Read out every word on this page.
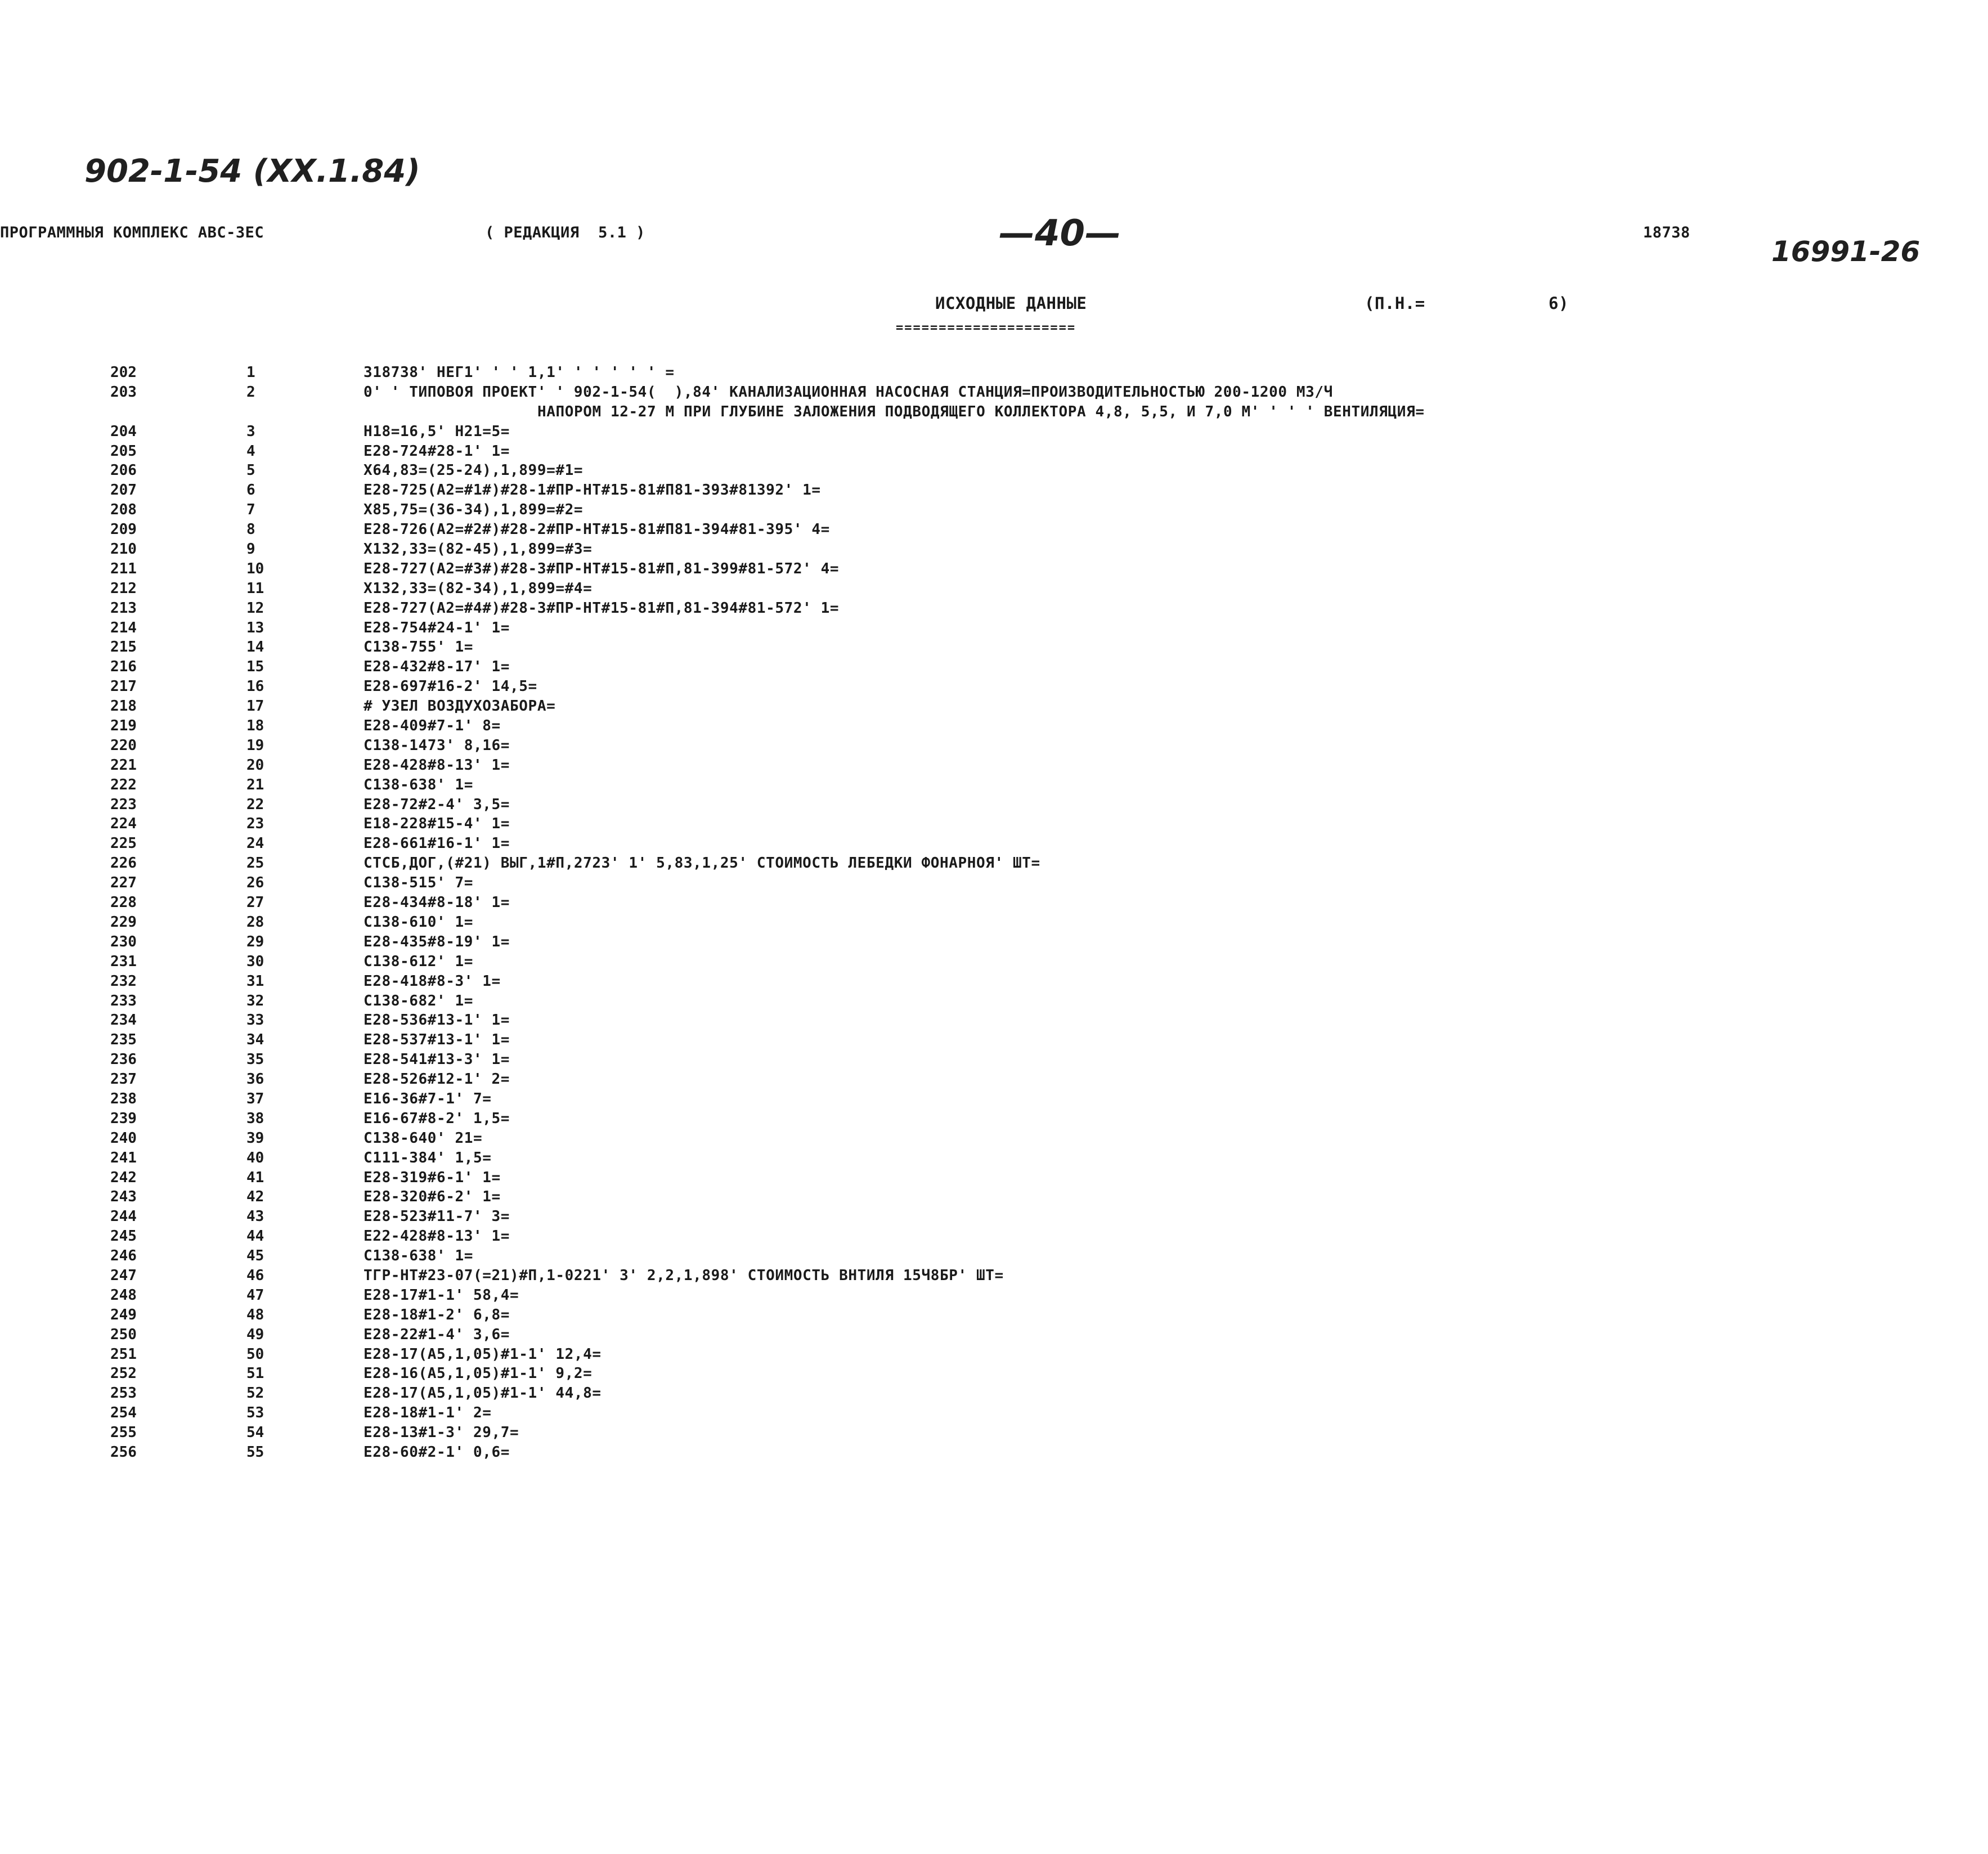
902-1-54 (XX.1.84)
ПРОГРАММНЫЯ КОМПЛЕКС АВС-ЗЕС	( РЕДАКЦИЯ  5.1 )	—40—	18738
16991-26
ИСХОДНЫЕ ДАННЫЕ
=====================
(П.Н.=	6)
202	1	318738' НЕГ1' ' ' 1,1' ' ' ' ' ' =
203	2	0' ' ТИПОВОЯ ПРОЕКТ' ' 902-1-54(  ),84' КАНАЛИЗАЦИОННАЯ НАСОСНАЯ СТАНЦИЯ=ПРОИЗВОДИТЕЛЬНОСТЬЮ 200-1200 МЗ/Ч
НАПОРОМ 12-27 М ПРИ ГЛУБИНЕ ЗАЛОЖЕНИЯ ПОДВОДЯЩЕГО КОЛЛЕКТОРА 4,8, 5,5, И 7,0 М' ' ' ' ВЕНТИЛЯЦИЯ=
204	3	Н18=16,5' Н21=5=
205	4	Е28-724#28-1' 1=
206	5	Х64,83=(25-24),1,899=#1=
207	6	Е28-725(А2=#1#)#28-1#ПР-НТ#15-81#П81-393#81392' 1=
208	7	Х85,75=(36-34),1,899=#2=
209	8	Е28-726(А2=#2#)#28-2#ПР-НТ#15-81#П81-394#81-395' 4=
210	9	Х132,33=(82-45),1,899=#3=
211	10	Е28-727(А2=#3#)#28-3#ПР-НТ#15-81#П,81-399#81-572' 4=
212	11	Х132,33=(82-34),1,899=#4=
213	12	Е28-727(А2=#4#)#28-3#ПР-НТ#15-81#П,81-394#81-572' 1=
214	13	Е28-754#24-1' 1=
215	14	С138-755' 1=
216	15	Е28-432#8-17' 1=
217	16	Е28-697#16-2' 14,5=
218	17	# УЗЕЛ ВОЗДУХОЗАБОРА=
219	18	Е28-409#7-1' 8=
220	19	С138-1473' 8,16=
221	20	Е28-428#8-13' 1=
222	21	С138-638' 1=
223	22	Е28-72#2-4' 3,5=
224	23	Е18-228#15-4' 1=
225	24	Е28-661#16-1' 1=
226	25	СТСБ,ДОГ,(#21) ВЫГ,1#П,2723' 1' 5,83,1,25' СТОИМОСТЬ ЛЕБЕДКИ ФОНАРНОЯ' ШТ=
227	26	С138-515' 7=
228	27	Е28-434#8-18' 1=
229	28	С138-610' 1=
230	29	Е28-435#8-19' 1=
231	30	С138-612' 1=
232	31	Е28-418#8-3' 1=
233	32	С138-682' 1=
234	33	Е28-536#13-1' 1=
235	34	Е28-537#13-1' 1=
236	35	Е28-541#13-3' 1=
237	36	Е28-526#12-1' 2=
238	37	Е16-36#7-1' 7=
239	38	Е16-67#8-2' 1,5=
240	39	С138-640' 21=
241	40	С111-384' 1,5=
242	41	Е28-319#6-1' 1=
243	42	Е28-320#6-2' 1=
244	43	Е28-523#11-7' 3=
245	44	Е22-428#8-13' 1=
246	45	С138-638' 1=
247	46	ТГР-НТ#23-07(=21)#П,1-0221' 3' 2,2,1,898' СТОИМОСТЬ ВНТИЛЯ 15Ч8БР' ШТ=
248	47	Е28-17#1-1' 58,4=
249	48	Е28-18#1-2' 6,8=
250	49	Е28-22#1-4' 3,6=
251	50	Е28-17(А5,1,05)#1-1' 12,4=
252	51	Е28-16(А5,1,05)#1-1' 9,2=
253	52	Е28-17(А5,1,05)#1-1' 44,8=
254	53	Е28-18#1-1' 2=
255	54	Е28-13#1-3' 29,7=
256	55	Е28-60#2-1' 0,6=
